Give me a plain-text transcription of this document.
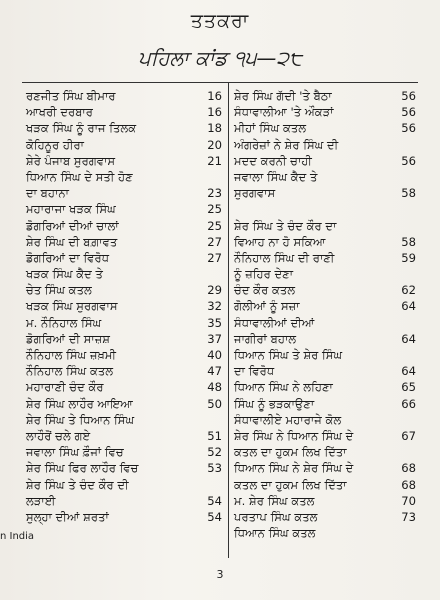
ਤਤਕਰਾ
ਪਹਿਲਾ ਕਾਂਡ ੧੫—੨੮
ਰਣਜੀਤ ਸਿੰਘ ਬੀਮਾਰ	16
ਆਖਰੀ ਦਰਬਾਰ	16
ਖੜਕ ਸਿੰਘ ਨੂੰ ਰਾਜ ਤਿਲਕ	18
ਕੋਹਿਨੂਰ ਹੀਰਾ	20
ਸ਼ੇਰੇ ਪੰਜਾਬ ਸੁਰਗਵਾਸ	21
ਧਿਆਨ ਸਿੰਘ ਦੇ ਸਤੀ ਹੋਣ
ਦਾ ਬਹਾਨਾ	23
ਮਹਾਰਾਜਾ ਖੜਕ ਸਿੰਘ	25
ਡੋਗਰਿਆਂ ਦੀਆਂ ਚਾਲਾਂ	25
ਸ਼ੇਰ ਸਿੰਘ ਦੀ ਬਗ਼ਾਵਤ	27
ਡੋਗਰਿਆਂ ਦਾ ਵਿਰੋਧ	27
ਖੜਕ ਸਿੰਘ ਕੈਦ ਤੇ
ਚੇਤ ਸਿੰਘ ਕਤਲ	29
ਖੜਕ ਸਿੰਘ ਸੁਰਗਵਾਸ	32
ਮ. ਨੌਨਿਹਾਲ ਸਿੰਘ	35
ਡੋਗਰਿਆਂ ਦੀ ਸਾਜ਼ਸ਼	37
ਨੌਨਿਹਾਲ ਸਿੰਘ ਜ਼ਖ਼ਮੀ	40
ਨੌਨਿਹਾਲ ਸਿੰਘ ਕਤਲ	47
ਮਹਾਰਾਣੀ ਚੰਦ ਕੌਰ	48
ਸ਼ੇਰ ਸਿੰਘ ਲਾਹੌਰ ਆਇਆ	50
ਸ਼ੇਰ ਸਿੰਘ ਤੇ ਧਿਆਨ ਸਿੰਘ
ਲਾਹੌਰੋਂ ਚਲੇ ਗਏ	51
ਜਵਾਲਾ ਸਿੰਘ ਫ਼ੌਜਾਂ ਵਿਚ	52
ਸ਼ੇਰ ਸਿੰਘ ਫਿਰ ਲਾਹੌਰ ਵਿਚ	53
ਸ਼ੇਰ ਸਿੰਘ ਤੇ ਚੰਦ ਕੌਰ ਦੀ
ਲੜਾਈ	54
ਸੁਲ੍ਹਾ ਦੀਆਂ ਸ਼ਰਤਾਂ	54
ਸ਼ੇਰ ਸਿੰਘ ਗੱਦੀ 'ਤੇ ਬੈਠਾ	56
ਸੰਧਾਵਾਲੀਆ 'ਤੇ ਔਕੜਾਂ	56
ਮੀਹਾਂ ਸਿੰਘ ਕਤਲ	56
ਅੰਗਰੇਜ਼ਾਂ ਨੇ ਸ਼ੇਰ ਸਿੰਘ ਦੀ
ਮਦਦ ਕਰਨੀ ਚਾਹੀ	56
ਜਵਾਲਾ ਸਿੰਘ ਕੈਦ ਤੇ
ਸੁਰਗਵਾਸ	58
ਸ਼ੇਰ ਸਿੰਘ ਤੇ ਚੰਦ ਕੌਰ ਦਾ
ਵਿਆਹ ਨਾ ਹੋ ਸਕਿਆ	58
ਨੌਨਿਹਾਲ ਸਿੰਘ ਦੀ ਰਾਣੀ	59
ਨੂੰ ਜ਼ਹਿਰ ਦੇਣਾ
ਚੰਦ ਕੌਰ ਕਤਲ	62
ਗੋਲੀਆਂ ਨੂੰ ਸਜ਼ਾ	64
ਸੰਧਾਵਾਲੀਆਂ ਦੀਆਂ
ਜਾਗੀਰਾਂ ਬਹਾਲ	64
ਧਿਆਨ ਸਿੰਘ ਤੇ ਸ਼ੇਰ ਸਿੰਘ
ਦਾ ਵਿਰੋਧ	64
ਧਿਆਨ ਸਿੰਘ ਨੇ ਲਹਿਣਾ	65
ਸਿੰਘ ਨੂੰ ਭੜਕਾਉਣਾ	66
ਸੰਧਾਵਾਲੀਏ ਮਹਾਰਾਜੇ ਕੋਲ
ਸ਼ੇਰ ਸਿੰਘ ਨੇ ਧਿਆਨ ਸਿੰਘ ਦੇ	67
ਕਤਲ ਦਾ ਹੁਕਮ ਲਿਖ ਦਿੱਤਾ
ਧਿਆਨ ਸਿੰਘ ਨੇ ਸ਼ੇਰ ਸਿੰਘ ਦੇ	68
ਕਤਲ ਦਾ ਹੁਕਮ ਲਿਖ ਦਿੱਤਾ	68
ਮ. ਸ਼ੇਰ ਸਿੰਘ ਕਤਲ	70
ਪਰਤਾਪ ਸਿੰਘ ਕਤਲ	73
ਧਿਆਨ ਸਿੰਘ ਕਤਲ
n India
3
